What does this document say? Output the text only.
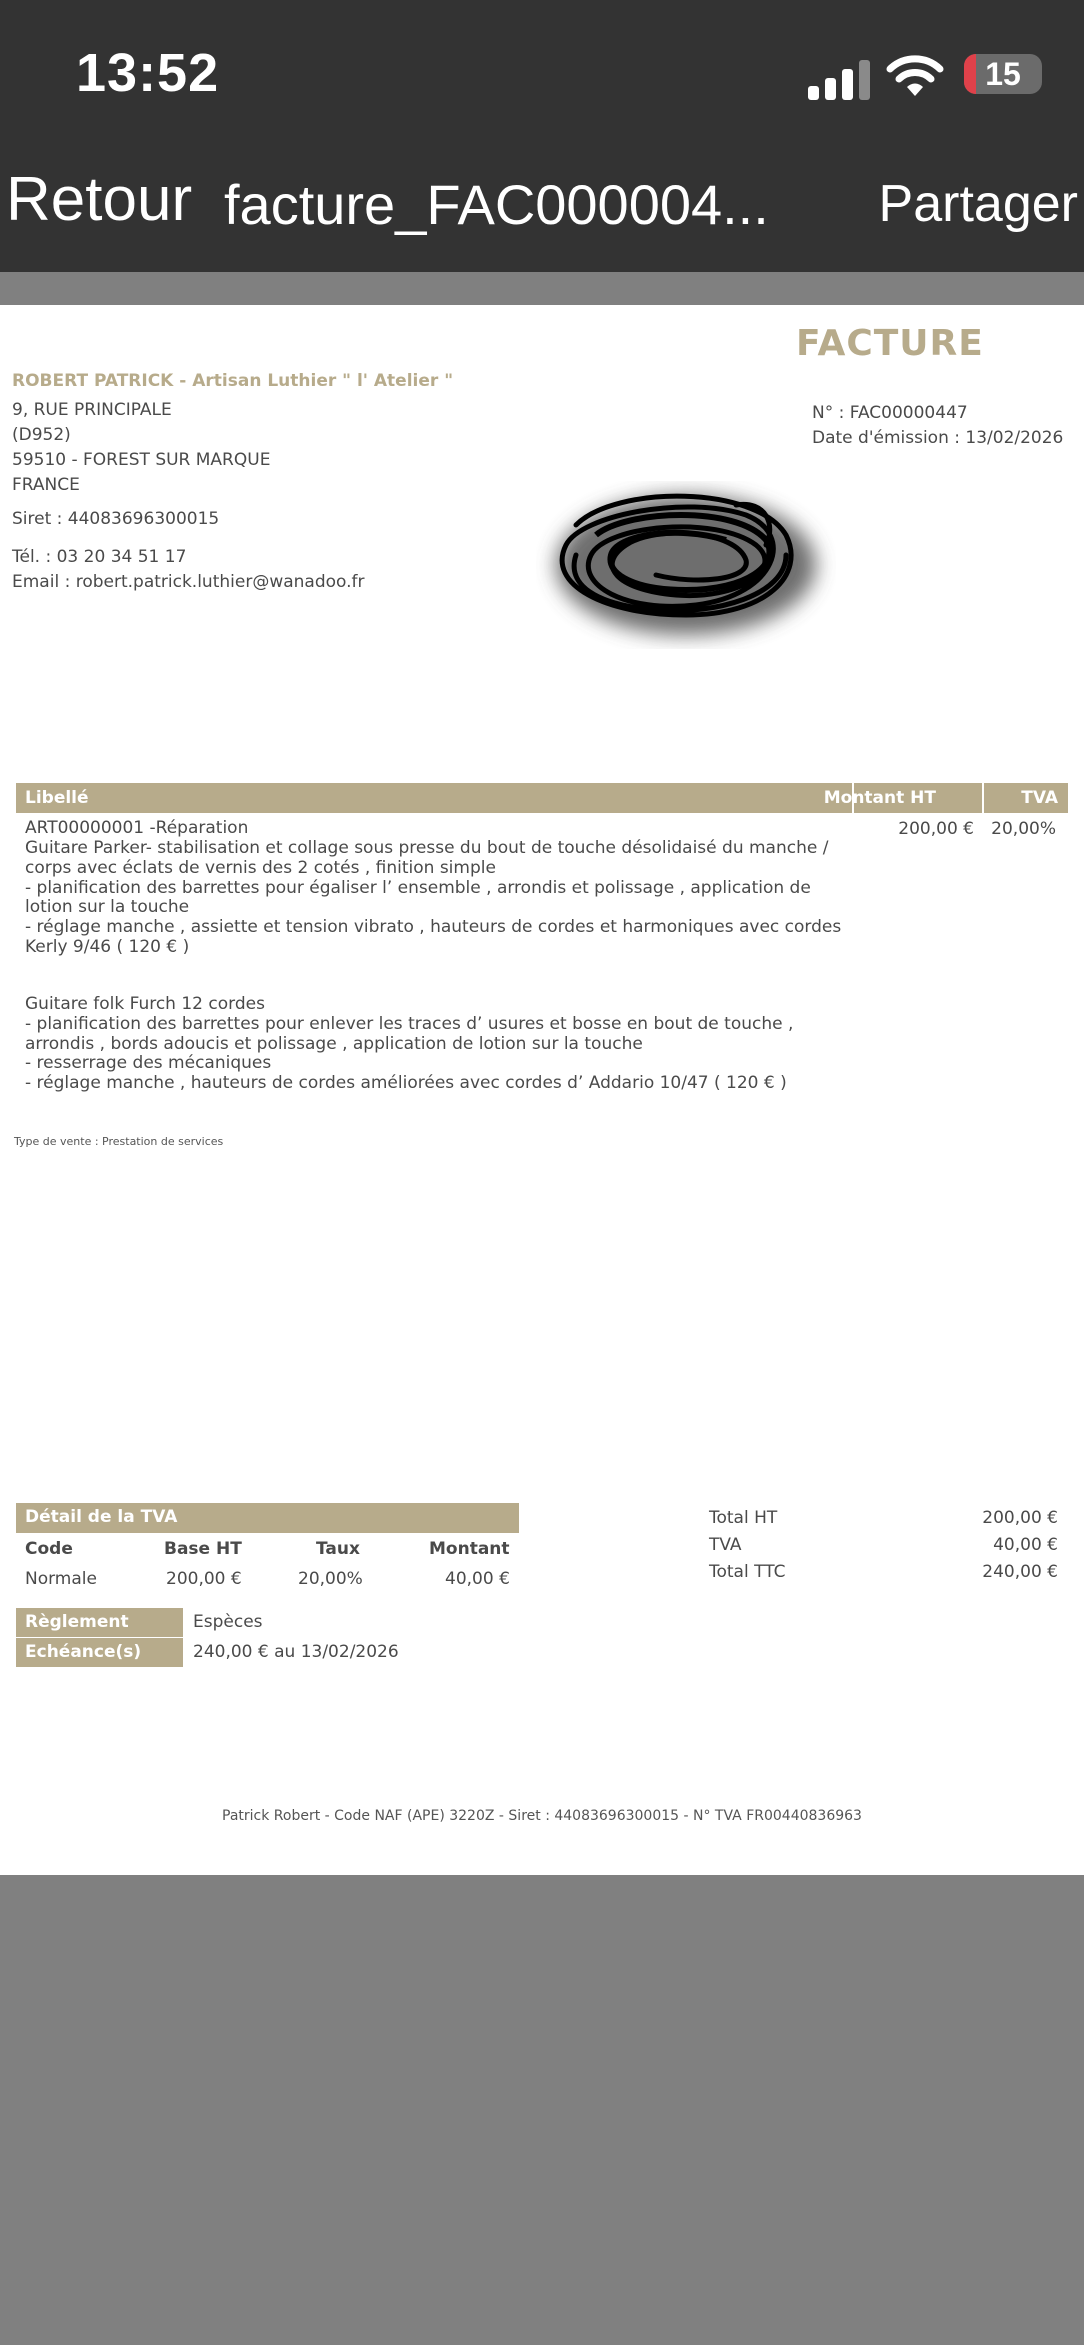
13:52	15
Retour facture_FAC000004... Partager
FACTURE
ROBERT PATRICK - Artisan Luthier " l' Atelier "
9, RUE PRINCIPALE
(D952)
59510 - FOREST SUR MARQUE
FRANCE
Siret : 44083696300015
Tél. : 03 20 34 51 17
Email : robert.patrick.luthier@wanadoo.fr
N° : FAC00000447
Date d'émission : 13/02/2026
Libellé	Montant HT	TVA
ART00000001 -Réparation
Guitare Parker- stabilisation et collage sous presse du bout de touche désolidaisé du manche /
corps avec éclats de vernis des 2 cotés , finition simple
- planification des barrettes pour égaliser l’ ensemble , arrondis et polissage , application de
lotion sur la touche
- réglage manche , assiette et tension vibrato , hauteurs de cordes et harmoniques avec cordes
Kerly 9/46 ( 120 € )
Guitare folk Furch 12 cordes
- planification des barrettes pour enlever les traces d’ usures et bosse en bout de touche ,
arrondis , bords adoucis et polissage , application de lotion sur la touche
- resserrage des mécaniques
- réglage manche , hauteurs de cordes améliorées avec cordes d’ Addario 10/47 ( 120 € )
200,00 € 20,00%
Type de vente : Prestation de services
Détail de la TVA
Code	Base HT	Taux	Montant
Normale	200,00 €	20,00%	40,00 €
Total HT	200,00 €
TVA	40,00 €
Total TTC	240,00 €
Règlement	Espèces
Echéance(s)	240,00 € au 13/02/2026
Patrick Robert - Code NAF (APE) 3220Z - Siret : 44083696300015 - N° TVA FR00440836963
